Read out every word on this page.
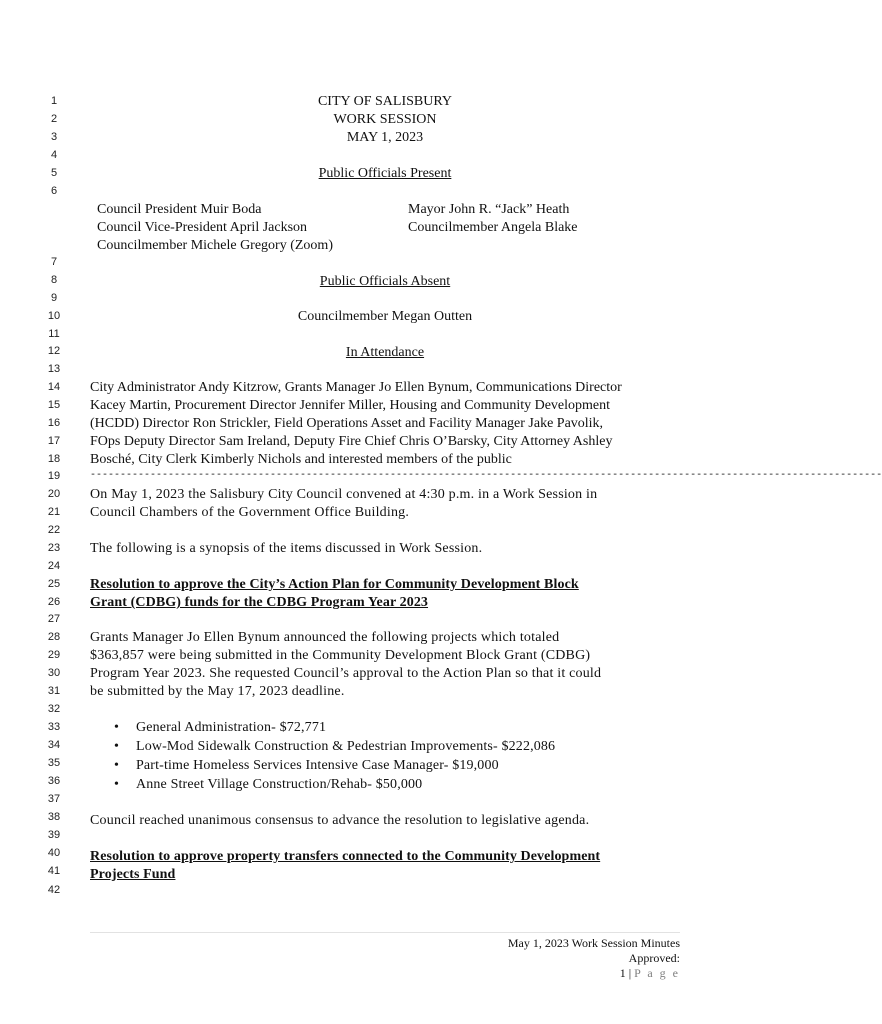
1
2
3
4
5
6
7
8
9
10
11
12
13
14
15
16
17
18
19
20
21
22
23
24
25
26
27
28
29
30
31
32
33
34
35
36
37
38
39
40
41
42
CITY OF SALISBURY
WORK SESSION
MAY 1, 2023
Public Officials Present
Council President Muir Boda
Council Vice-President April Jackson
Councilmember Michele Gregory (Zoom)
Mayor John R. “Jack” Heath
Councilmember Angela Blake
Public Officials Absent
Councilmember Megan Outten
In Attendance
City Administrator Andy Kitzrow, Grants Manager Jo Ellen Bynum, Communications Director
Kacey Martin, Procurement Director Jennifer Miller, Housing and Community Development
(HCDD) Director Ron Strickler, Field Operations Asset and Facility Manager Jake Pavolik,
FOps Deputy Director Sam Ireland, Deputy Fire Chief Chris O’Barsky, City Attorney Ashley
Bosché, City Clerk Kimberly Nichols and interested members of the public
------------------------------------------------------------------------------------------------------------------------------------
On May 1, 2023 the Salisbury City Council convened at 4:30 p.m. in a Work Session in
Council Chambers of the Government Office Building.
The following is a synopsis of the items discussed in Work Session.
Resolution to approve the City’s Action Plan for Community Development Block
Grant (CDBG) funds for the CDBG Program Year 2023
Grants Manager Jo Ellen Bynum announced the following projects which totaled
$363,857 were being submitted in the Community Development Block Grant (CDBG)
Program Year 2023. She requested Council’s approval to the Action Plan so that it could
be submitted by the May 17, 2023 deadline.
• General Administration- $72,771
• Low-Mod Sidewalk Construction & Pedestrian Improvements- $222,086
• Part-time Homeless Services Intensive Case Manager- $19,000
• Anne Street Village Construction/Rehab- $50,000
Council reached unanimous consensus to advance the resolution to legislative agenda.
Resolution to approve property transfers connected to the Community Development
Projects Fund
May 1, 2023 Work Session Minutes
Approved:
1 | P a g e
